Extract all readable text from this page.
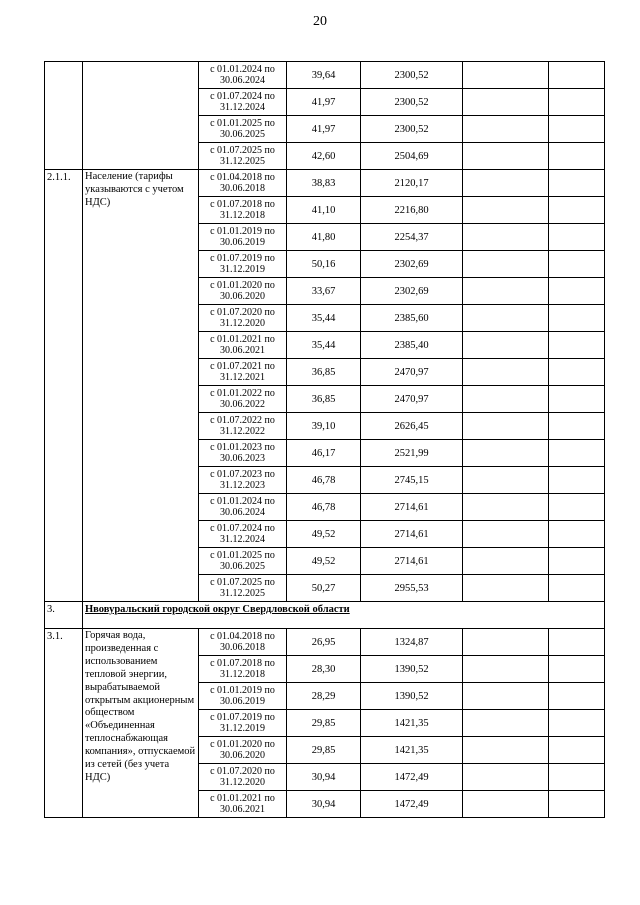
20
		с 01.01.2024 по
30.06.2024	39,64	2300,52		
		с 01.07.2024 по
31.12.2024	41,97	2300,52		
		с 01.01.2025 по
30.06.2025	41,97	2300,52		
		с 01.07.2025 по
31.12.2025	42,60	2504,69		
2.1.1.	Население (тарифы указываются с учетом НДС)	с 01.04.2018 по
30.06.2018	38,83	2120,17		
		с 01.07.2018 по
31.12.2018	41,10	2216,80		
		с 01.01.2019 по
30.06.2019	41,80	2254,37		
		с 01.07.2019 по
31.12.2019	50,16	2302,69		
		с 01.01.2020 по
30.06.2020	33,67	2302,69		
		с 01.07.2020 по
31.12.2020	35,44	2385,60		
		с 01.01.2021 по
30.06.2021	35,44	2385,40		
		с 01.07.2021 по
31.12.2021	36,85	2470,97		
		с 01.01.2022 по
30.06.2022	36,85	2470,97		
		с 01.07.2022 по
31.12.2022	39,10	2626,45		
		с 01.01.2023 по
30.06.2023	46,17	2521,99		
		с 01.07.2023 по
31.12.2023	46,78	2745,15		
		с 01.01.2024 по
30.06.2024	46,78	2714,61		
		с 01.07.2024 по
31.12.2024	49,52	2714,61		
		с 01.01.2025 по
30.06.2025	49,52	2714,61		
		с 01.07.2025 по
31.12.2025	50,27	2955,53		
3.	Нвовуральский городской округ Свердловской области					
3.1.	Горячая вода, произведенная с использованием тепловой энергии, вырабатываемой открытым акционерным обществом «Объединенная теплоснабжающая компания», отпускаемой из сетей (без учета НДС)	с 01.04.2018 по
30.06.2018	26,95	1324,87		
		с 01.07.2018 по
31.12.2018	28,30	1390,52		
		с 01.01.2019 по
30.06.2019	28,29	1390,52		
		с 01.07.2019 по
31.12.2019	29,85	1421,35		
		с 01.01.2020 по
30.06.2020	29,85	1421,35		
		с 01.07.2020 по
31.12.2020	30,94	1472,49		
		с 01.01.2021 по
30.06.2021	30,94	1472,49		
